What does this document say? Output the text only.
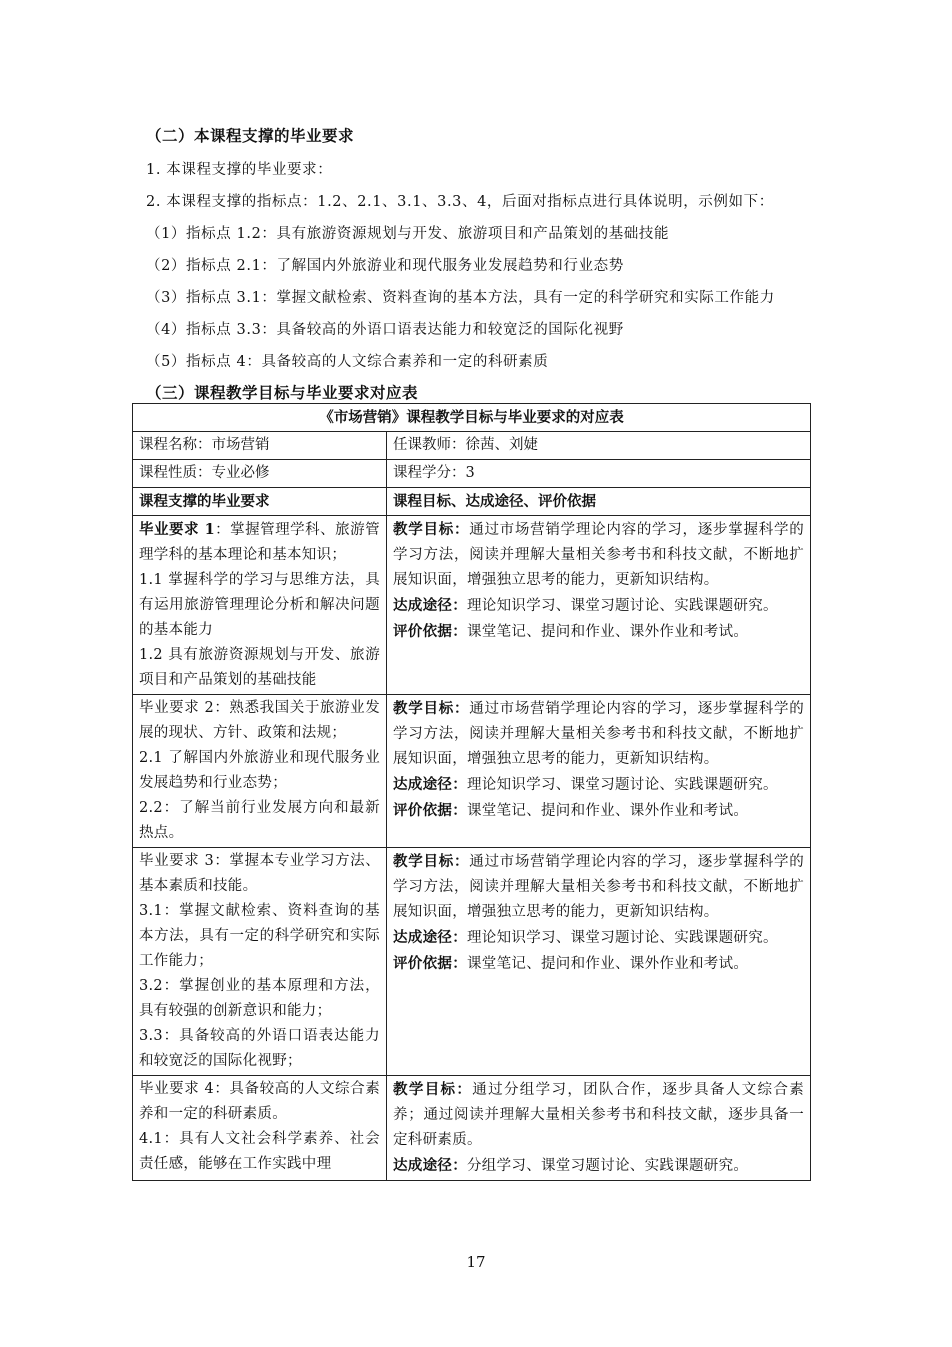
（二）本课程支撑的毕业要求
1. 本课程支撑的毕业要求：
2. 本课程支撑的指标点：1.2、2.1、3.1、3.3、4，后面对指标点进行具体说明，示例如下：
（1）指标点 1.2：具有旅游资源规划与开发、旅游项目和产品策划的基础技能
（2）指标点 2.1：了解国内外旅游业和现代服务业发展趋势和行业态势
（3）指标点 3.1：掌握文献检索、资料查询的基本方法，具有一定的科学研究和实际工作能力
（4）指标点 3.3：具备较高的外语口语表达能力和较宽泛的国际化视野
（5）指标点 4：具备较高的人文综合素养和一定的科研素质
（三）课程教学目标与毕业要求对应表
《市场营销》课程教学目标与毕业要求的对应表	
课程名称：市场营销	任课教师：徐茜、刘婕
课程性质：专业必修	课程学分：3
课程支撑的毕业要求	课程目标、达成途径、评价依据

毕业要求 1：掌握管理学科、旅游管理学科的基本理论和基本知识；
1.1 掌握科学的学习与思维方法，具有运用旅游管理理论分析和解决问题的基本能力
1.2 具有旅游资源规划与开发、旅游项目和产品策划的基础技能	教学目标：通过市场营销学理论内容的学习，逐步掌握科学的学习方法，阅读并理解大量相关参考书和科技文献，不断地扩展知识面，增强独立思考的能力，更新知识结构。
达成途径：理论知识学习、课堂习题讨论、实践课题研究。
评价依据：课堂笔记、提问和作业、课外作业和考试。

毕业要求 2：熟悉我国关于旅游业发展的现状、方针、政策和法规；
2.1 了解国内外旅游业和现代服务业发展趋势和行业态势；
2.2：了解当前行业发展方向和最新热点。	教学目标：通过市场营销学理论内容的学习，逐步掌握科学的学习方法，阅读并理解大量相关参考书和科技文献，不断地扩展知识面，增强独立思考的能力，更新知识结构。
达成途径：理论知识学习、课堂习题讨论、实践课题研究。
评价依据：课堂笔记、提问和作业、课外作业和考试。

毕业要求 3：掌握本专业学习方法、基本素质和技能。
3.1：掌握文献检索、资料查询的基本方法，具有一定的科学研究和实际工作能力；
3.2：掌握创业的基本原理和方法，具有较强的创新意识和能力；
3.3：具备较高的外语口语表达能力和较宽泛的国际化视野；	教学目标：通过市场营销学理论内容的学习，逐步掌握科学的学习方法，阅读并理解大量相关参考书和科技文献，不断地扩展知识面，增强独立思考的能力，更新知识结构。
达成途径：理论知识学习、课堂习题讨论、实践课题研究。
评价依据：课堂笔记、提问和作业、课外作业和考试。

毕业要求 4：具备较高的人文综合素养和一定的科研素质。
4.1：具有人文社会科学素养、社会责任感，能够在工作实践中理	教学目标：通过分组学习，团队合作，逐步具备人文综合素养；通过阅读并理解大量相关参考书和科技文献，逐步具备一定科研素质。
达成途径：分组学习、课堂习题讨论、实践课题研究。
17
